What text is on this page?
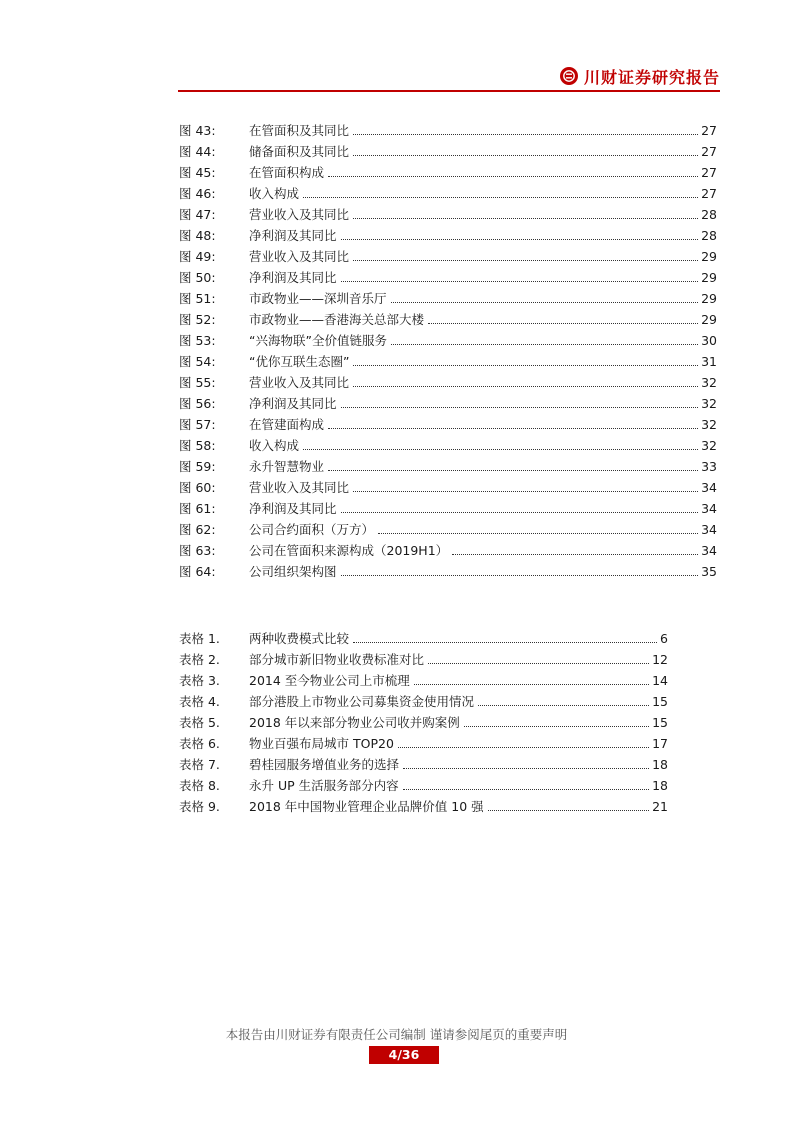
川财证券研究报告
图 43:	在管面积及其同比	27
图 44:	储备面积及其同比	27
图 45:	在管面积构成	27
图 46:	收入构成	27
图 47:	营业收入及其同比	28
图 48:	净利润及其同比	28
图 49:	营业收入及其同比	29
图 50:	净利润及其同比	29
图 51:	市政物业——深圳音乐厅	29
图 52:	市政物业——香港海关总部大楼	29
图 53:	“兴海物联”全价值链服务	30
图 54:	“优你互联生态圈”	31
图 55:	营业收入及其同比	32
图 56:	净利润及其同比	32
图 57:	在管建面构成	32
图 58:	收入构成	32
图 59:	永升智慧物业	33
图 60:	营业收入及其同比	34
图 61:	净利润及其同比	34
图 62:	公司合约面积（万方）	34
图 63:	公司在管面积来源构成（2019H1）	34
图 64:	公司组织架构图	35
表格 1.	两种收费模式比较	6
表格 2.	部分城市新旧物业收费标准对比	12
表格 3.	2014 至今物业公司上市梳理	14
表格 4.	部分港股上市物业公司募集资金使用情况	15
表格 5.	2018 年以来部分物业公司收并购案例	15
表格 6.	物业百强布局城市 TOP20	17
表格 7.	碧桂园服务增值业务的选择	18
表格 8.	永升 UP 生活服务部分内容	18
表格 9.	2018 年中国物业管理企业品牌价值 10 强	21
本报告由川财证券有限责任公司编制 谨请参阅尾页的重要声明
4/36
